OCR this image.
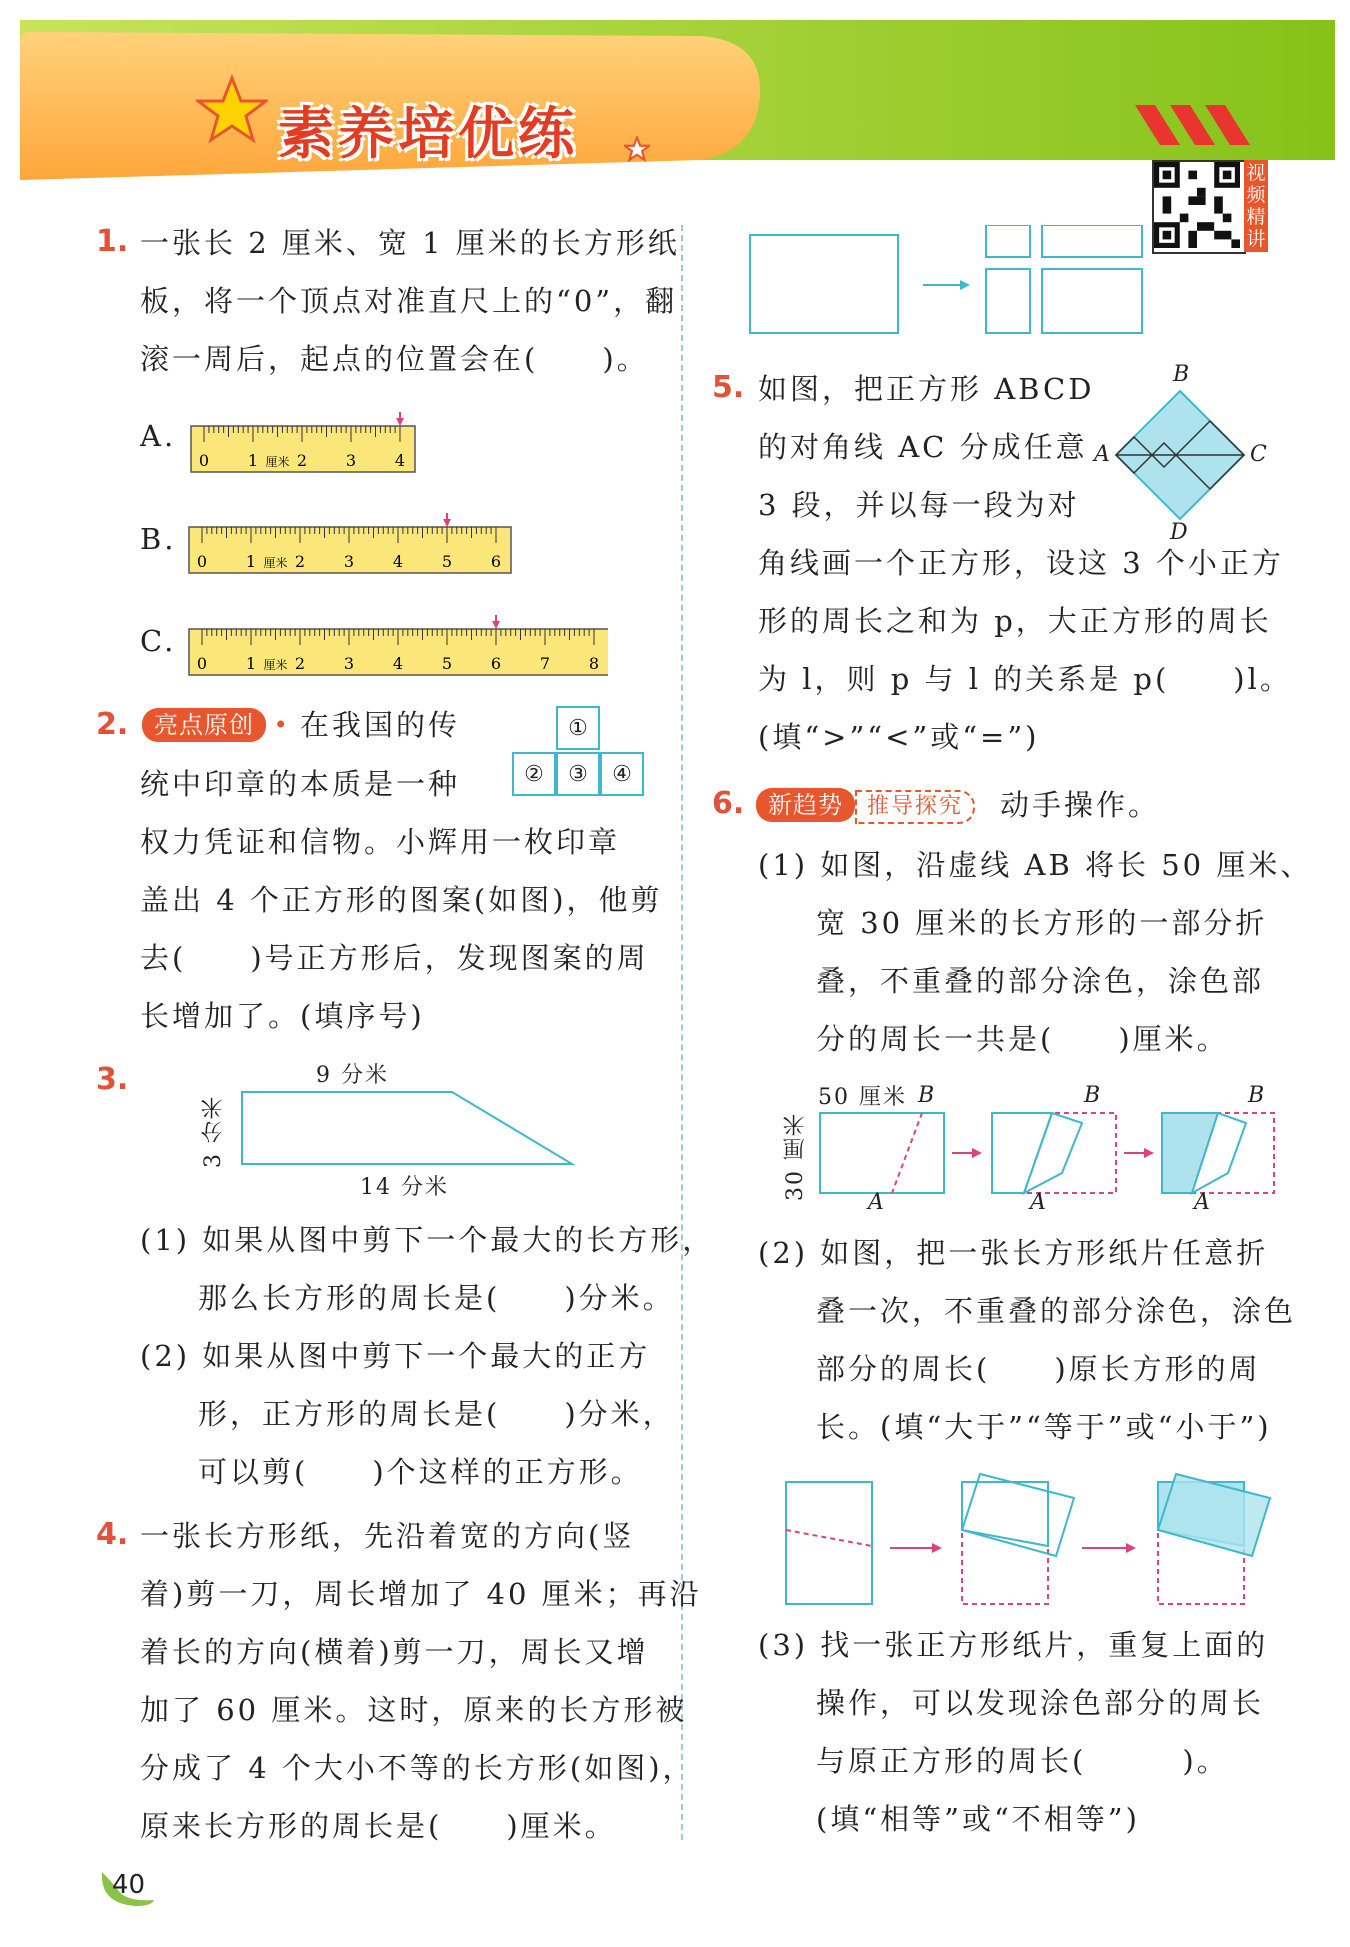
素养培优练
视频精讲
1. 一张长 2 厘米、宽 1 厘米的长方形纸
板，将一个顶点对准直尺上的“0”，翻
滚一周后，起点的位置会在(　　)。
A.
B.
C.
0 1 2 3 4
厘米
0 1 2 3 4 5 6
厘米
0 1 2 3 4 5 6 7 8
厘米
2.	亮点原创 • 在我国的传
统中印章的本质是一种
权力凭证和信物。小辉用一枚印章
盖出 4 个正方形的图案(如图)，他剪
去(　　)号正方形后，发现图案的周
长增加了。(填序号)
①
②	③	④
3.	9 分米
14 分米
3 分米
(1) 如果从图中剪下一个最大的长方形，
那么长方形的周长是(　　)分米。
(2) 如果从图中剪下一个最大的正方
形，正方形的周长是(　　)分米，
可以剪(　　)个这样的正方形。
4. 一张长方形纸，先沿着宽的方向(竖
着)剪一刀，周长增加了 40 厘米；再沿
着长的方向(横着)剪一刀，周长又增
加了 60 厘米。这时，原来的长方形被
分成了 4 个大小不等的长方形(如图)，
原来长方形的周长是(　　)厘米。
5. 如图，把正方形 ABCD
的对角线 AC 分成任意
3 段，并以每一段为对
角线画一个正方形，设这 3 个小正方
形的周长之和为 p，大正方形的周长
为 l，则 p 与 l 的关系是 p(　　)l。
(填“>”“<”或“=”)
B
A	C
D
6. 新趋势 推导探究	动手操作。
(1) 如图，沿虚线 AB 将长 50 厘米、
宽 30 厘米的长方形的一部分折
叠，不重叠的部分涂色，涂色部
分的周长一共是(　　)厘米。
50 厘米
30 厘米
B
A
B
A
B
A
(2) 如图，把一张长方形纸片任意折
叠一次，不重叠的部分涂色，涂色
部分的周长(　　)原长方形的周
长。(填“大于”“等于”或“小于”)
(3) 找一张正方形纸片，重复上面的
操作，可以发现涂色部分的周长
与原正方形的周长(　　　)。
(填“相等”或“不相等”)
40
